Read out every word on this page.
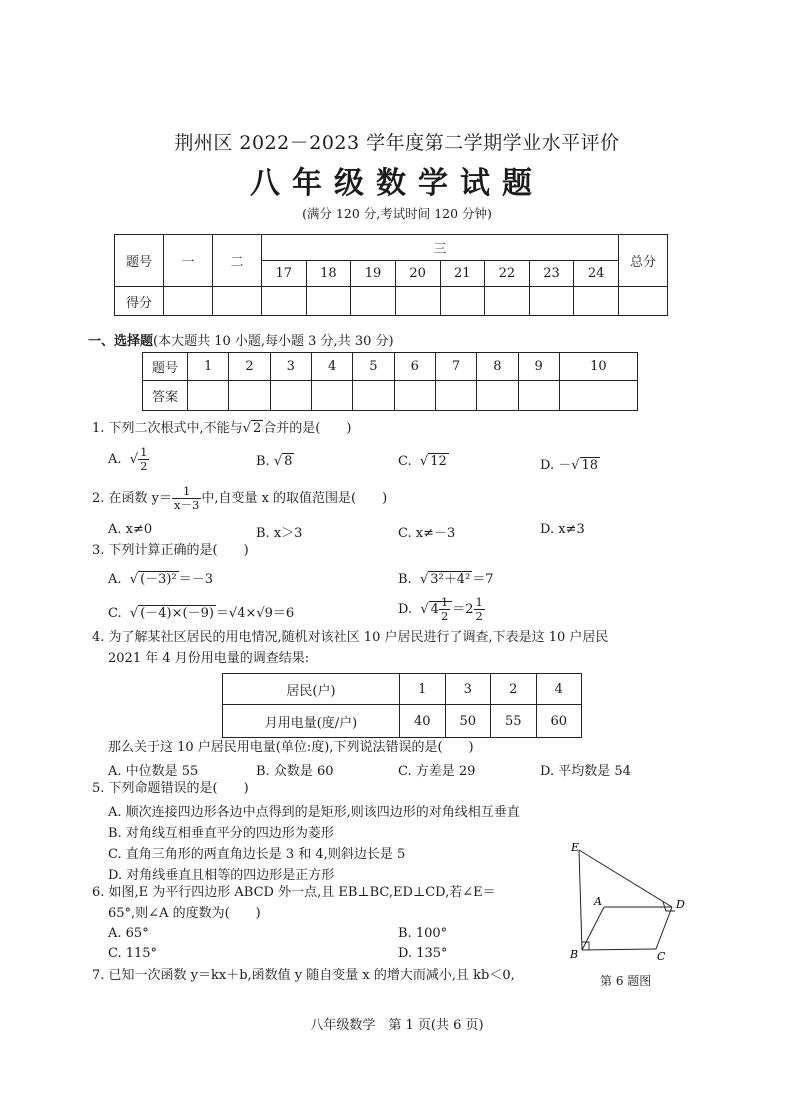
荆州区 2022－2023 学年度第二学期学业水平评价
八年级数学试题
(满分 120 分,考试时间 120 分钟)
题号	一	二	三								总分
			17	18	19	20	21	22	23	24	
得分											
一、选择题(本大题共 10 小题,每小题 3 分,共 30 分)
题号	1	2	3	4	5	6	7	8	9	10
答案										
1. 下列二次根式中,不能与√ 2 合并的是(　　)
A.  √ $\frac{1}{2}$	B. √ 8	C.  √ 12	D. －√ 18
2. 在函数 $y= \frac{1}{x-3}$ 中,自变量 x 的取值范围是(　　)
A. x≠0	B. x＞3	C. x≠－3	D. x≠3
3. 下列计算正确的是(　　)
A.  √ (－3)² ＝－3	B.  √ 3²＋4² ＝7
C.  √ (－4)×(－9) ＝√4×√9＝6	D.  √ $4 \frac{1}{2} =2 \frac{1}{2}$
4. 为了解某社区居民的用电情况,随机对该社区 10 户居民进行了调查,下表是这 10 户居民
2021 年 4 月份用电量的调查结果:
居民(户)	1	3	2	4
月用电量(度/户)	40	50	55	60
那么关于这 10 户居民用电量(单位:度),下列说法错误的是(　　)
A. 中位数是 55	B. 众数是 60	C. 方差是 29	D. 平均数是 54
5. 下列命题错误的是(　　)
A. 顺次连接四边形各边中点得到的是矩形,则该四边形的对角线相互垂直
B. 对角线互相垂直平分的四边形为菱形
C. 直角三角形的两直角边长是 3 和 4,则斜边长是 5
D. 对角线垂直且相等的四边形是正方形
6. 如图,E 为平行四边形 ABCD 外一点,且 EB⊥BC,ED⊥CD,若∠E＝
65°,则∠A 的度数为(　　)
A. 65°	B. 100°
C. 115°	D. 135°
E
A
B	C
D
第 6 题图
7. 已知一次函数 y＝kx＋b,函数值 y 随自变量 x 的增大而减小,且 kb＜0,
八年级数学　第 1 页(共 6 页)
